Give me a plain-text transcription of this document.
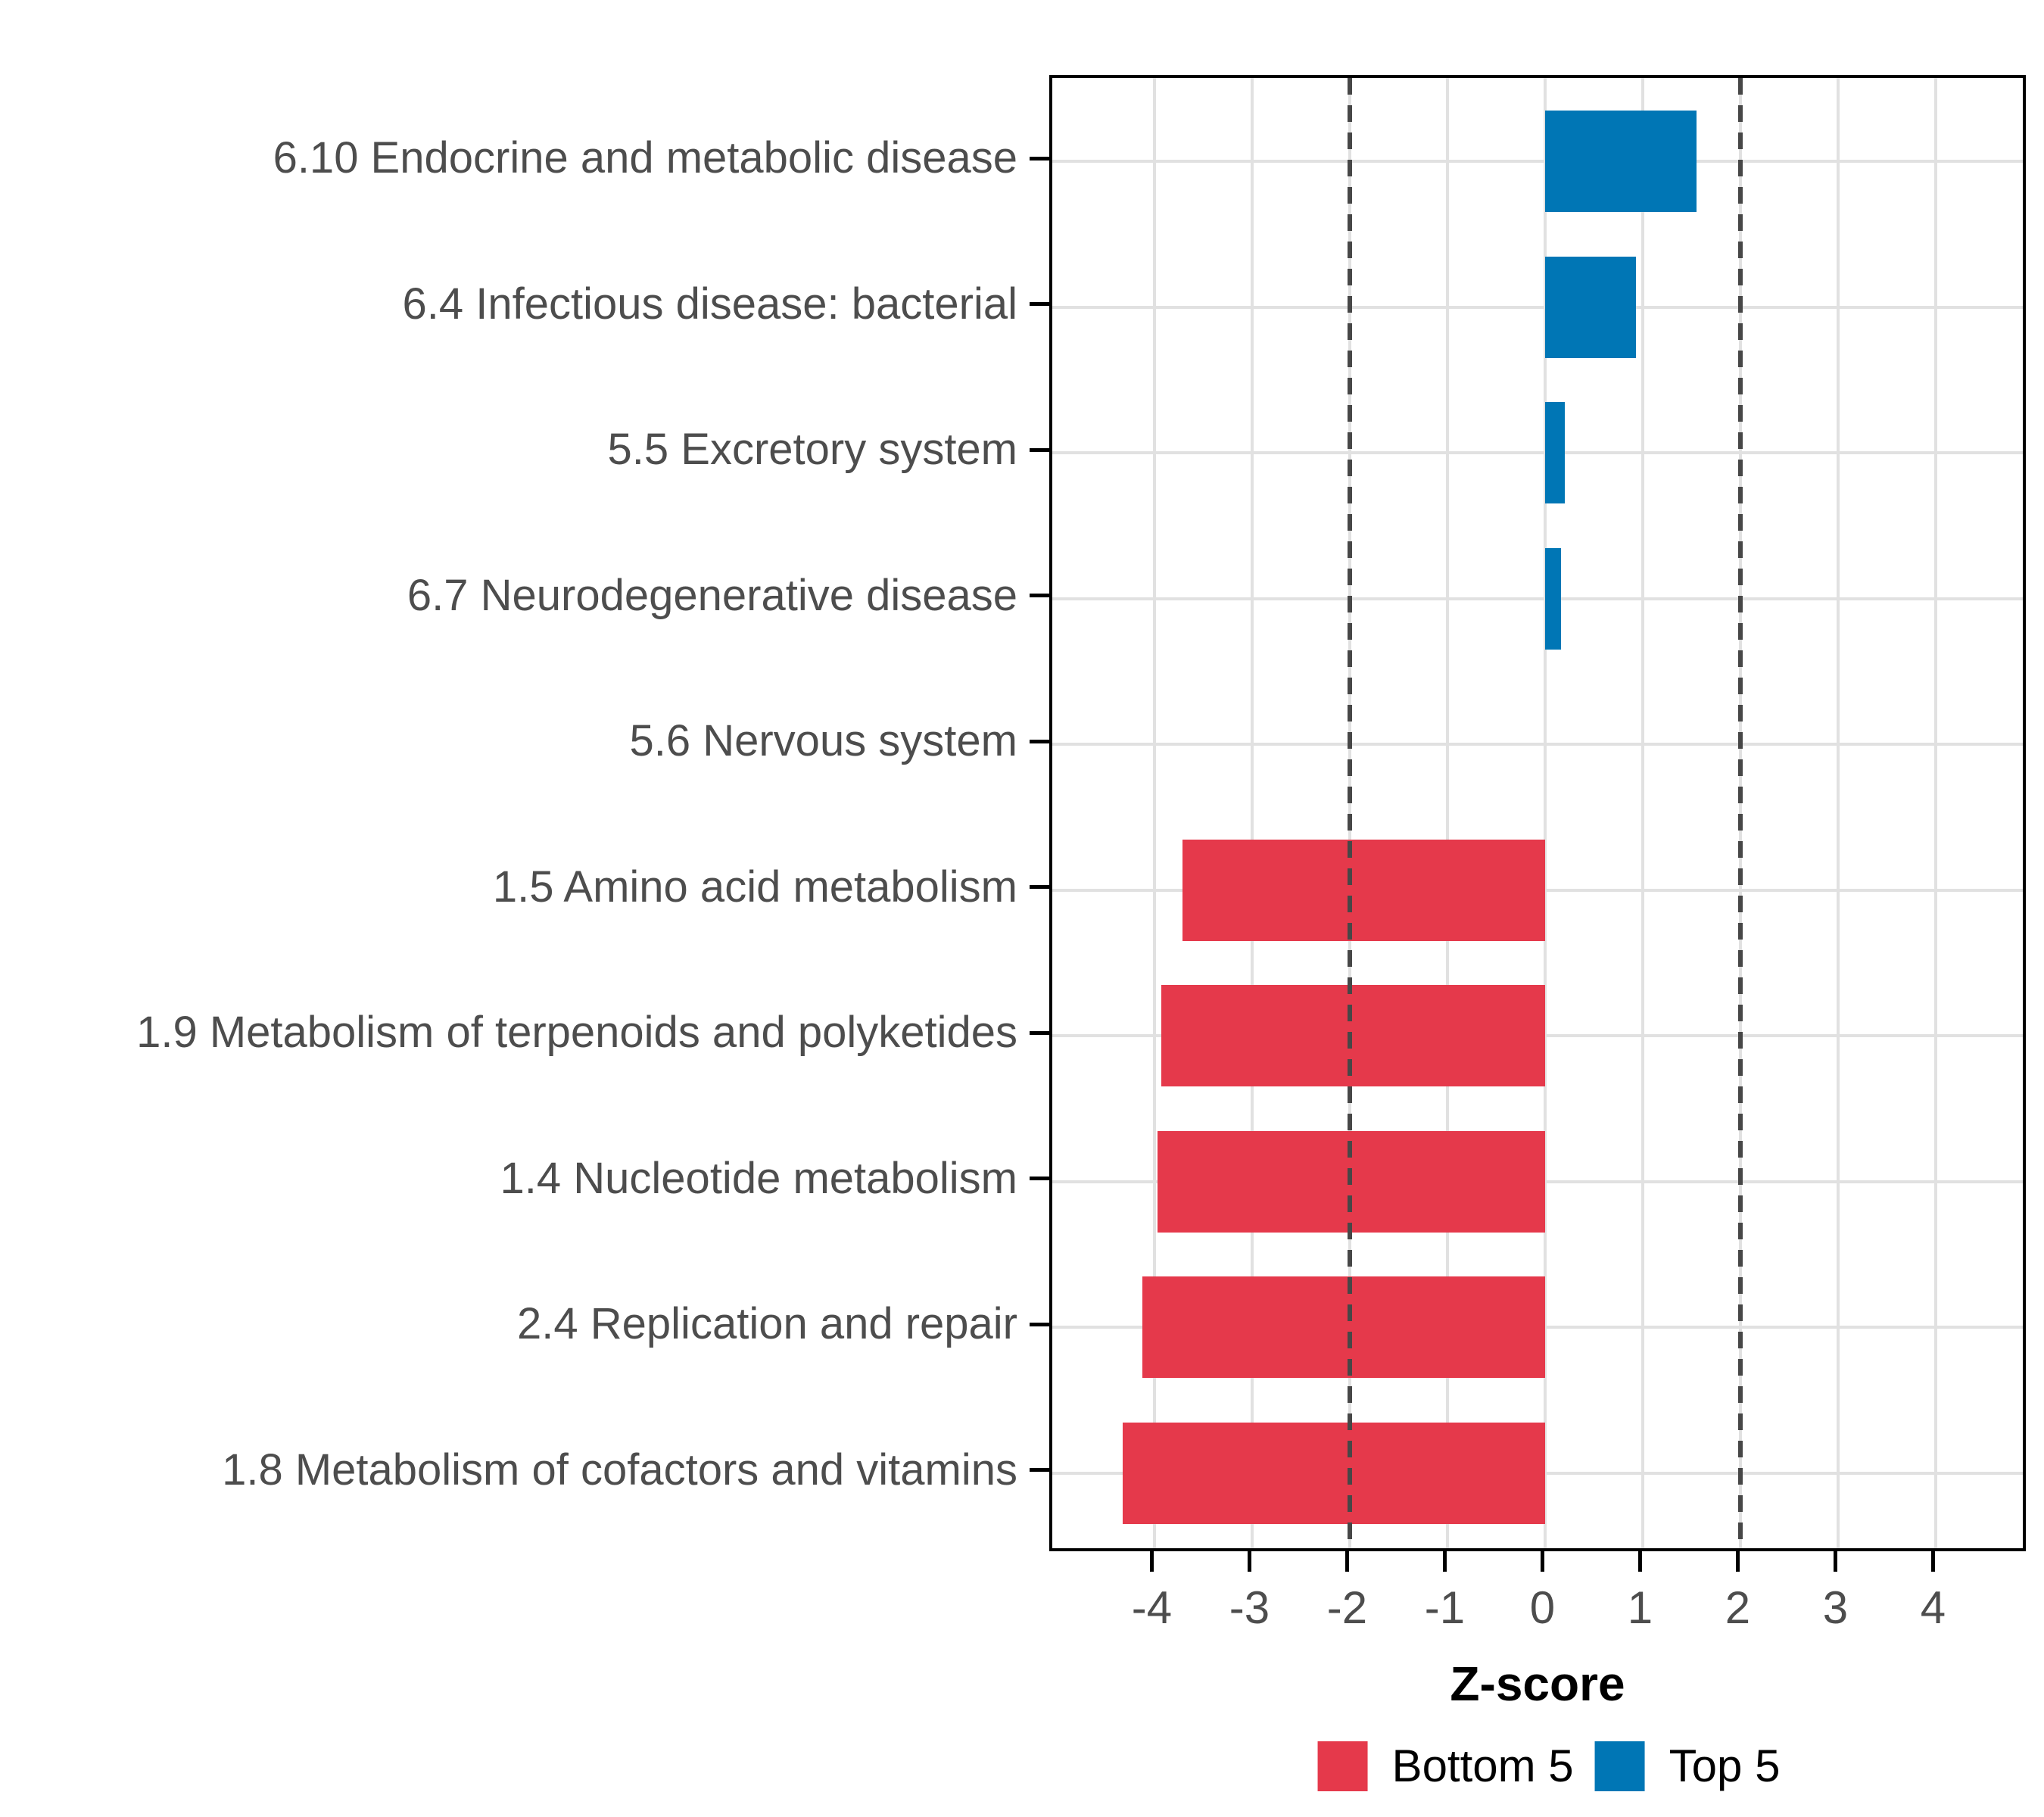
Z-score
Bottom 5 Top 5
6.10 Endocrine and metabolic disease
6.4 Infectious disease: bacterial
5.5 Excretory system
6.7 Neurodegenerative disease
5.6 Nervous system
1.5 Amino acid metabolism
1.9 Metabolism of terpenoids and polyketides
1.4 Nucleotide metabolism
2.4 Replication and repair
1.8 Metabolism of cofactors and vitamins
-4	-3	-2	-1	0	1	2	3	4
